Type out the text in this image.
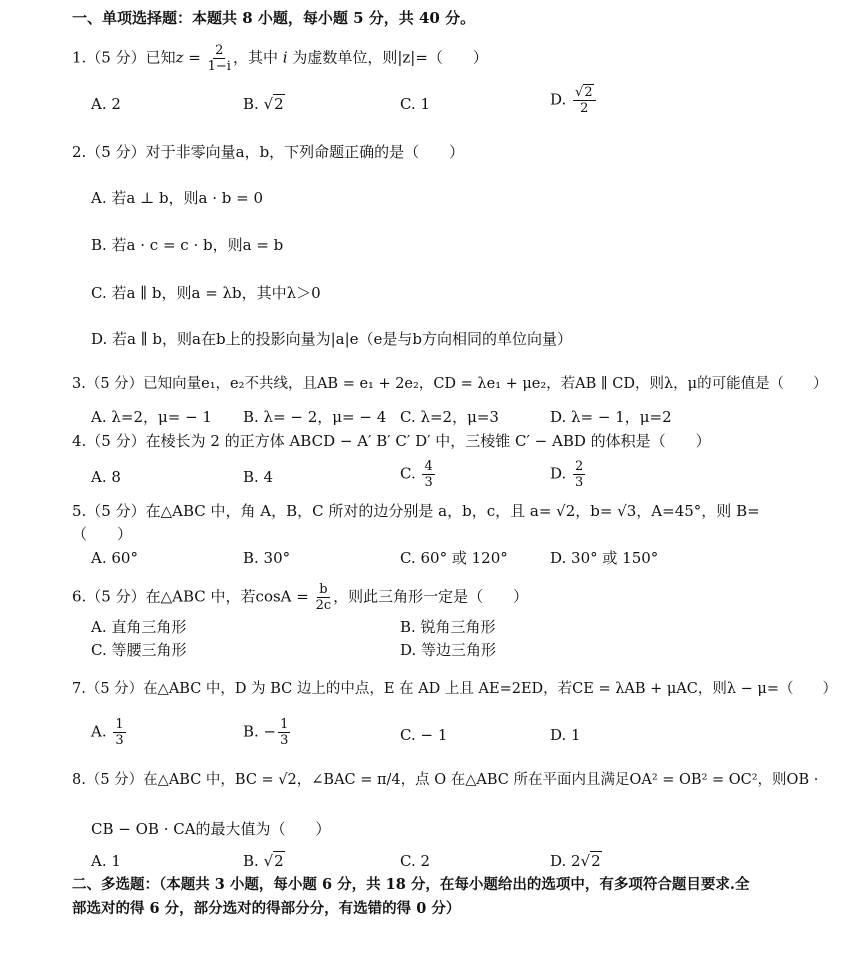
一、单项选择题：本题共 8 小题，每小题 5 分，共 40 分。
1.（5 分）已知$z = \frac{2}{1-i}$ ，其中 i 为虚数单位，则|z|=（　　）
A. 2	B. √2	C. 1	D. $\frac{√2}{2}$
2.（5 分）对于非零向量a，b，下列命题正确的是（　　）
A. 若a ⊥ b，则a · b = 0
B. 若a · c = c · b，则a = b
C. 若a ∥ b，则a = λb，其中λ＞0
D. 若a ∥ b，则a在b上的投影向量为|a|e（e是与b方向相同的单位向量）
3.（5 分）已知向量e₁，e₂不共线，且AB = e₁ + 2e₂，CD = λe₁ + μe₂，若AB ∥ CD，则λ，μ的可能值是（　　）
A. λ=2，μ= − 1 B. λ= − 2，μ= − 4 C. λ=2，μ=3	D. λ= − 1，μ=2
4.（5 分）在棱长为 2 的正方体 ABCD − A′ B′ C′ D′ 中，三棱锥 C′ − ABD 的体积是（　　）
A. 8	B. 4	C. $\frac{4}{3}$	D. $\frac{2}{3}$
5.（5 分）在△ABC 中，角 A，B，C 所对的边分别是 a，b，c，且 a= √2，b= √3，A=45°，则 B=
（　　）
A. 60°	B. 30°	C. 60° 或 120°	D. 30° 或 150°
6.（5 分）在△ABC 中，若$\cos A = \frac{b}{2c}$ ，则此三角形一定是（　　）
A. 直角三角形	B. 锐角三角形
C. 等腰三角形	D. 等边三角形
7.（5 分）在△ABC 中，D 为 BC 边上的中点，E 在 AD 上且 AE=2ED，若CE = λAB + μAC，则λ − μ=（　　）
A. $\frac{1}{3}$	B. − $\frac{1}{3}$	C. − 1	D. 1
8.（5 分）在△ABC 中，BC = √2，∠BAC = π/4，点 O 在△ABC 所在平面内且满足OA² = OB² = OC²，则OB ·
CB − OB · CA的最大值为（　　）
A. 1	B. √2	C. 2	D. 2√2
二、多选题：（本题共 3 小题，每小题 6 分，共 18 分，在每小题给出的选项中，有多项符合题目要求.全
部选对的得 6 分，部分选对的得部分分，有选错的得 0 分）
